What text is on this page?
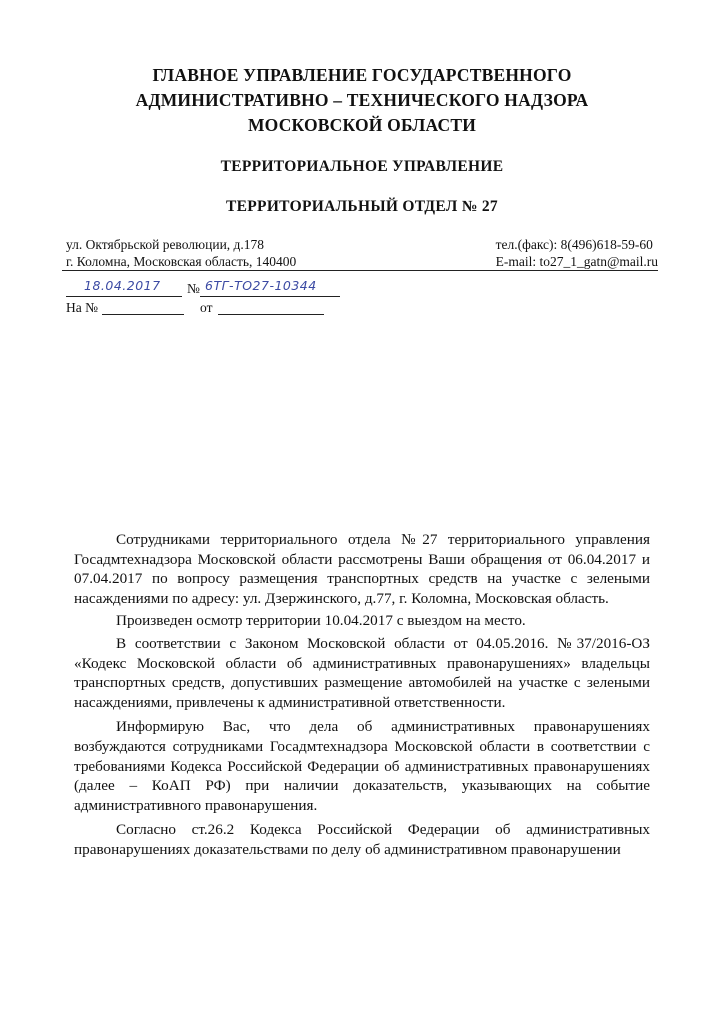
ГЛАВНОЕ УПРАВЛЕНИЕ ГОСУДАРСТВЕННОГО
АДМИНИСТРАТИВНО – ТЕХНИЧЕСКОГО НАДЗОРА
МОСКОВСКОЙ ОБЛАСТИ
ТЕРРИТОРИАЛЬНОЕ УПРАВЛЕНИЕ
ТЕРРИТОРИАЛЬНЫЙ ОТДЕЛ № 27
ул. Октябрьской революции, д.178
г. Коломна, Московская область, 140400
тел.(факс): 8(496)618-59-60
E-mail: to27_1_gatn@mail.ru
18.04.2017 № 6ТГ-ТО27-10344
На №	от

Сотрудниками территориального отдела №27 территориального управления Госадмтехнадзора Московской области рассмотрены Ваши обращения от 06.04.2017 и 07.04.2017 по вопросу размещения транспортных средств на участке с зелеными насаждениями по адресу: ул. Дзержинского, д.77, г. Коломна, Московская область.

Произведен осмотр территории 10.04.2017 с выездом на место.

В соответствии с Законом Московской области от 04.05.2016. №37/2016-ОЗ «Кодекс Московской области об административных правонарушениях» владельцы транспортных средств, допустивших размещение автомобилей на участке с зелеными насаждениями, привлечены к административной ответственности.

Информирую Вас, что дела об административных правонарушениях возбуждаются сотрудниками Госадмтехнадзора Московской области в соответствии с требованиями Кодекса Российской Федерации об административных правонарушениях (далее – КоАП РФ) при наличии доказательств, указывающих на событие административного правонарушения.

Согласно ст.26.2 Кодекса Российской Федерации об административных правонарушениях доказательствами по делу об административном правонарушении
